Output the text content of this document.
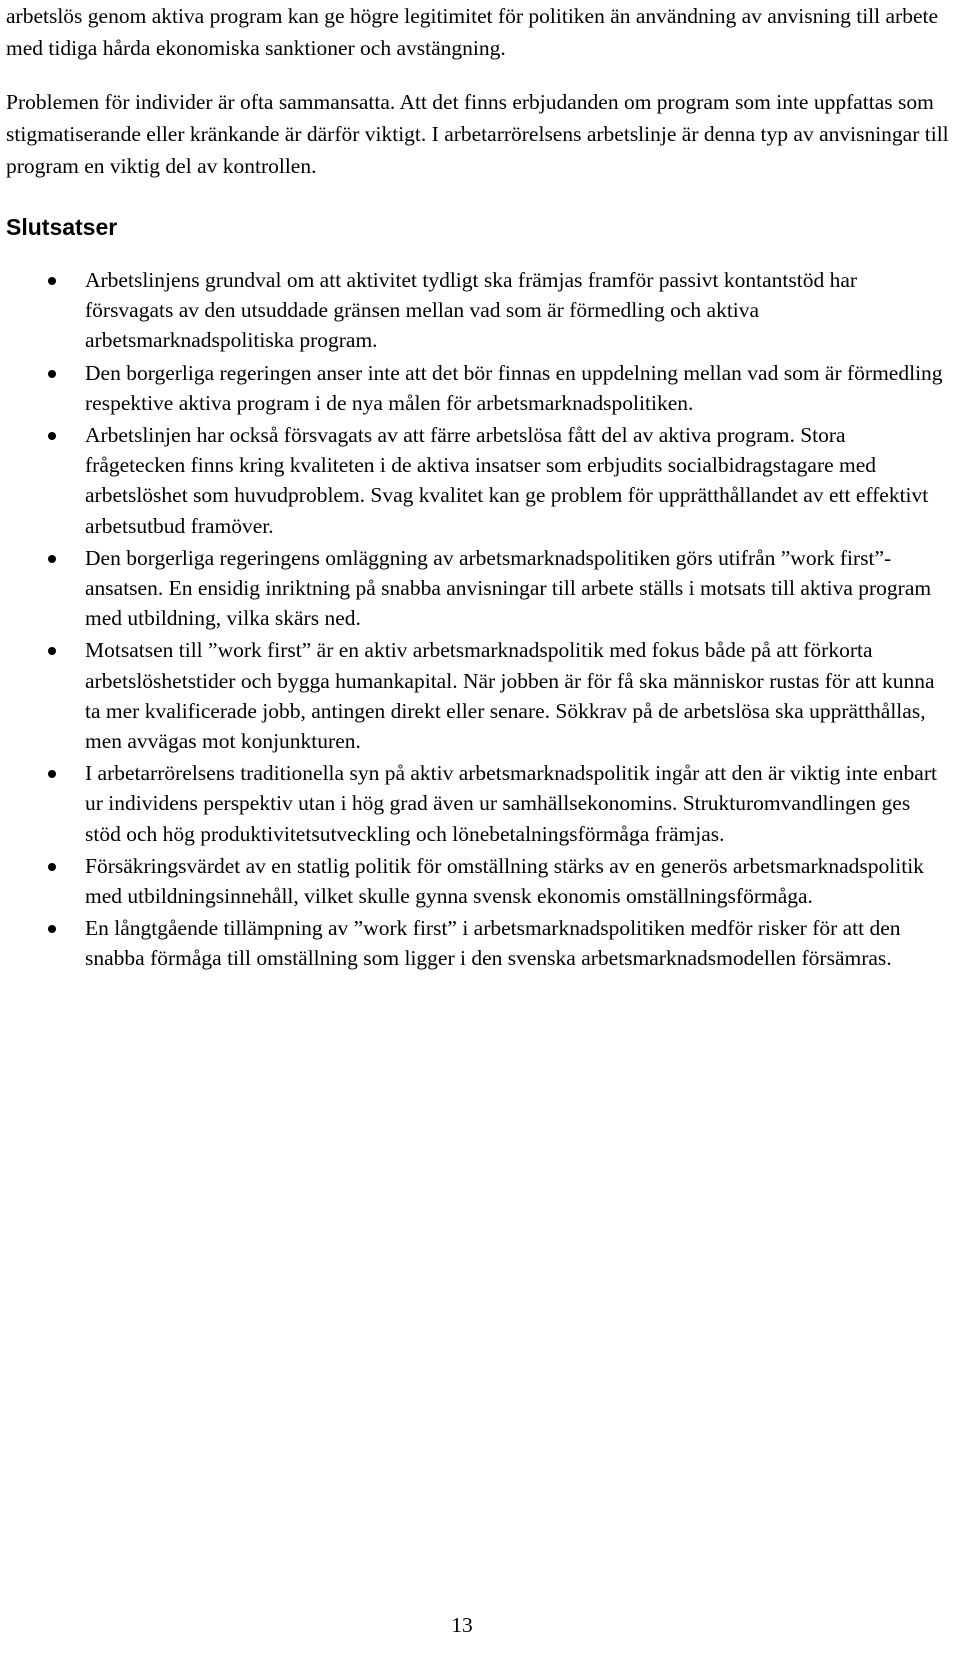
arbetslös genom aktiva program kan ge högre legitimitet för politiken än användning av anvisning till arbete med tidiga hårda ekonomiska sanktioner och avstängning.

Problemen för individer är ofta sammansatta. Att det finns erbjudanden om program som inte uppfattas som stigmatiserande eller kränkande är därför viktigt. I arbetarrörelsens arbetslinje är denna typ av anvisningar till program en viktig del av kontrollen.

Slutsatser
Arbetslinjens grundval om att aktivitet tydligt ska främjas framför passivt kontantstöd har försvagats av den utsuddade gränsen mellan vad som är förmedling och aktiva arbetsmarknadspolitiska program.
Den borgerliga regeringen anser inte att det bör finnas en uppdelning mellan vad som är förmedling respektive aktiva program i de nya målen för arbetsmarknadspolitiken.
Arbetslinjen har också försvagats av att färre arbetslösa fått del av aktiva program. Stora frågetecken finns kring kvaliteten i de aktiva insatser som erbjudits socialbidragstagare med arbetslöshet som huvudproblem. Svag kvalitet kan ge problem för upprätthållandet av ett effektivt arbetsutbud framöver.
Den borgerliga regeringens omläggning av arbetsmarknadspolitiken görs utifrån ”work first”- ansatsen. En ensidig inriktning på snabba anvisningar till arbete ställs i motsats till aktiva program med utbildning, vilka skärs ned.
Motsatsen till ”work first” är en aktiv arbetsmarknadspolitik med fokus både på att förkorta arbetslöshetstider och bygga humankapital. När jobben är för få ska människor rustas för att kunna ta mer kvalificerade jobb, antingen direkt eller senare. Sökkrav på de arbetslösa ska upprätthållas, men avvägas mot konjunkturen.
I arbetarrörelsens traditionella syn på aktiv arbetsmarknadspolitik ingår att den är viktig inte enbart ur individens perspektiv utan i hög grad även ur samhällsekonomins. Strukturomvandlingen ges stöd och hög produktivitetsutveckling och lönebetalningsförmåga främjas.
Försäkringsvärdet av en statlig politik för omställning stärks av en generös arbetsmarknadspolitik med utbildningsinnehåll, vilket skulle gynna svensk ekonomis omställningsförmåga.
En långtgående tillämpning av ”work first” i arbetsmarknadspolitiken medför risker för att den snabba förmåga till omställning som ligger i den svenska arbetsmarknadsmodellen försämras.
13
